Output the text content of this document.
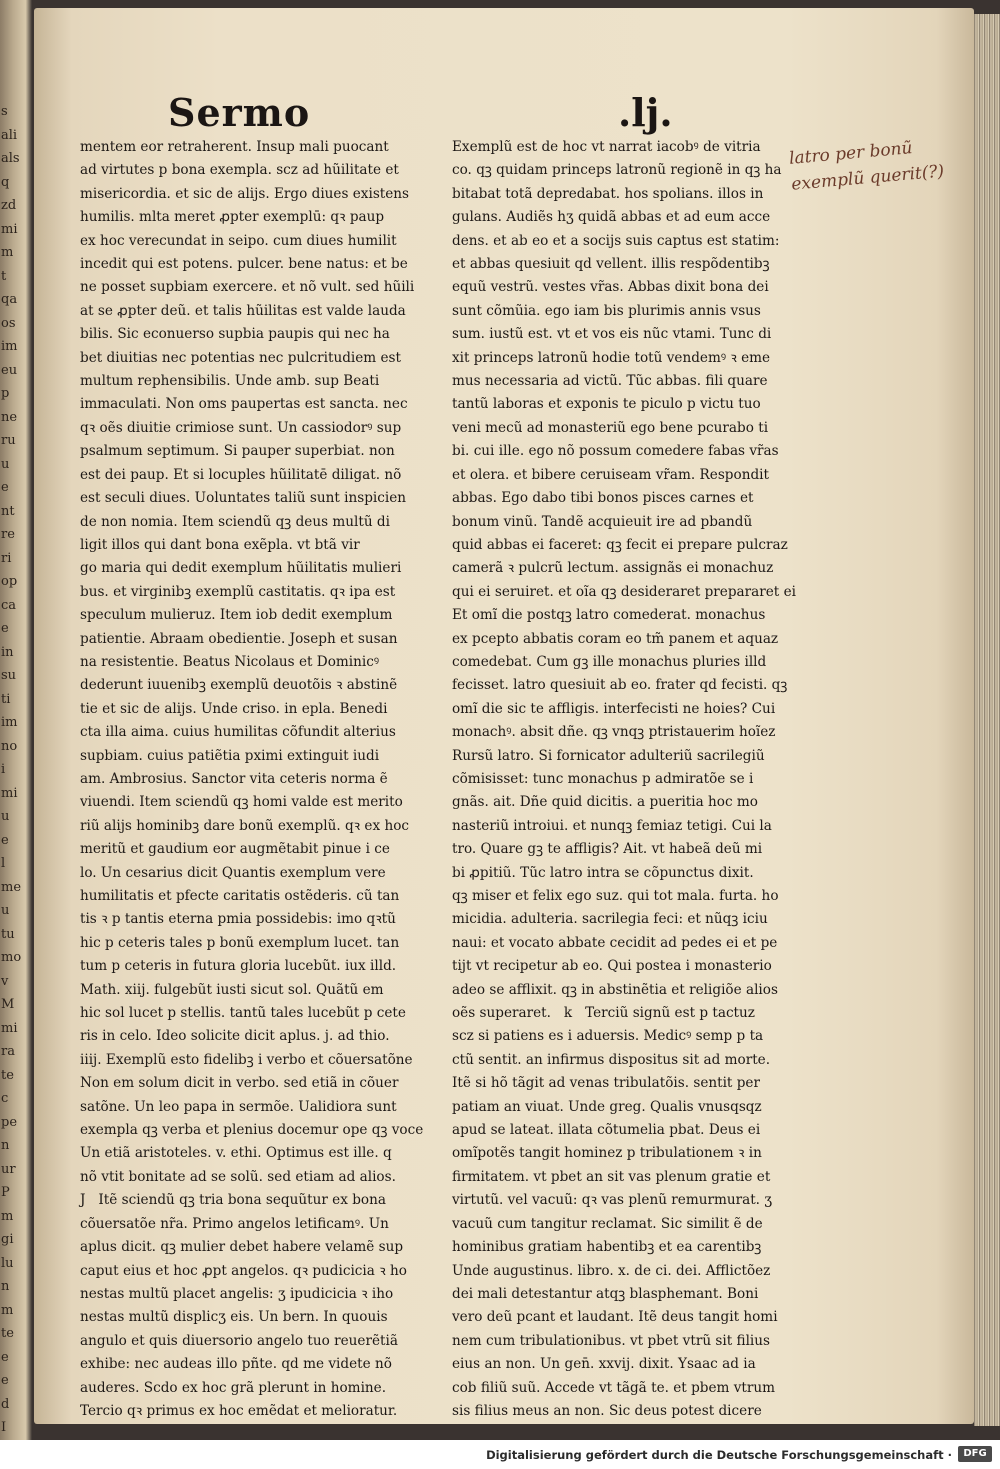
s
ali
als
q
zd
mi
m
t
qa
os
im
eu
p
ne
ru
u
e
nt
re
ri
op
ca
e
in
su
ti
im
no
i
mi
u
e
l
me
u
tu
mo
v
M
mi
ra
te
c
pe
n
ur
P
m
gi
lu
n
m
te
e
e
d
I

Sermo	.lj.
mentem eor retraherent. Insup mali puocant
ad virtutes p bona exempla. scz ad hũilitate et
misericordia. et sic de alijs. Ergo diues existens
humilis. mlta meret ꝓpter exemplū: qꝛ paup
ex hoc verecundat in seipo. cum diues humilit
incedit qui est potens. pulcer. bene natus: et be
ne posset supbiam exercere. et nõ vult. sed hũili
at se ꝓpter deũ. et talis hũilitas est valde lauda
bilis. Sic econuerso supbia paupis qui nec ha
bet diuitias nec potentias nec pulcritudiem est
multum rephensibilis. Unde amb. sup Beati
immaculati. Non oms paupertas est sancta. nec
qꝛ oẽs diuitie crimiose sunt. Un cassiodorꝰ sup
psalmum septimum. Si pauper superbiat. non
est dei paup. Et si locuples hũilitatē diligat. nõ
est seculi diues. Uoluntates taliũ sunt inspicien
de non nomia. Item sciendũ qꝫ deus multũ di
ligit illos qui dant bona exẽpla. vt btã vir
go maria qui dedit exemplum hũilitatis mulieri
bus. et virginibꝫ exemplũ castitatis. qꝛ ipa est
speculum mulieruz. Item iob dedit exemplum
patientie. Abraam obedientie. Joseph et susan
na resistentie. Beatus Nicolaus et Dominicꝰ
dederunt iuuenibꝫ exemplũ deuotõis ꝛ abstinẽ
tie et sic de alijs. Unde criso. in epla. Benedi
cta illa aima. cuius humilitas cõfundit alterius
supbiam. cuius patiẽtia pximi extinguit iudi
am. Ambrosius. Sanctor vita ceteris norma ẽ
viuendi. Item sciendũ qꝫ homi valde est merito
riũ alijs hominibꝫ dare bonũ exemplũ. qꝛ ex hoc
meritũ et gaudium eor augmẽtabit pinue i ce
lo. Un cesarius dicit Quantis exemplum vere
humilitatis et pfecte caritatis ostẽderis. cũ tan
tis ꝛ p tantis eterna pmia possidebis: imo qꝛtũ
hic p ceteris tales p bonũ exemplum lucet. tan
tum p ceteris in futura gloria lucebũt. iux illd.
Math. xiij. fulgebũt iusti sicut sol. Quãtũ em
hic sol lucet p stellis. tantũ tales lucebũt p cete
ris in celo. Ideo solicite dicit aplus. j. ad thio.
iiij. Exemplũ esto fidelibꝫ i verbo et cõuersatõne
Non em solum dicit in verbo. sed etiã in cõuer
satõne. Un leo papa in sermõe. Ualidiora sunt
exempla qꝫ verba et plenius docemur ope qꝫ voce
Un etiã aristoteles. v. ethi. Optimus est ille. q
nõ vtit bonitate ad se solũ. sed etiam ad alios.
J   Itẽ sciendũ qꝫ tria bona sequũtur ex bona
cõuersatõe nr̃a. Primo angelos letificamꝰ. Un
aplus dicit. qꝫ mulier debet habere velamẽ sup
caput eius et hoc ꝓpt angelos. qꝛ pudicicia ꝛ ho
nestas multũ placet angelis: ʒ ipudicicia ꝛ iho
nestas multũ displicʒ eis. Un bern. In quouis
angulo et quis diuersorio angelo tuo reuerẽtiã
exhibe: nec audeas illo pñte. qd me videte nõ
auderes. Scdo ex hoc grã plerunt in homine.
Tercio qꝛ primus ex hoc emẽdat et melioratur.
Exemplũ est de hoc vt narrat iacobꝰ de vitria
co. qꝫ quidam princeps latronũ regionẽ in qꝫ ha
bitabat totã depredabat. hos spolians. illos in
gulans. Audiẽs hʒ quidã abbas et ad eum acce
dens. et ab eo et a socijs suis captus est statim:
et abbas quesiuit qd vellent. illis respõdentibꝫ
equũ vestrũ. vestes vr̃as. Abbas dixit bona dei
sunt cõmũia. ego iam bis plurimis annis vsus
sum. iustũ est. vt et vos eis nũc vtami. Tunc di
xit princeps latronũ hodie totũ vendemꝰ ꝛ eme
mus necessaria ad victũ. Tũc abbas. fili quare
tantũ laboras et exponis te piculo p victu tuo
veni mecũ ad monasteriũ ego bene pcurabo ti
bi. cui ille. ego nõ possum comedere fabas vr̃as
et olera. et bibere ceruiseam vr̃am. Respondit
abbas. Ego dabo tibi bonos pisces carnes et
bonum vinũ. Tandẽ acquieuit ire ad pbandũ
quid abbas ei faceret: qꝫ fecit ei prepare pulcraz
camerã ꝛ pulcrũ lectum. assignãs ei monachuz
qui ei seruiret. et oĩa qꝫ desideraret prepararet ei
Et omĩ die postqꝫ latro comederat. monachus
ex pcepto abbatis coram eo tm̃ panem et aquaz
comedebat. Cum gꝫ ille monachus pluries illd
fecisset. latro quesiuit ab eo. frater qd fecisti. qꝫ
omĩ die sic te affligis. interfecisti ne hoies? Cui
monachꝰ. absit dñe. qꝫ vnqꝫ ptristauerim hoĩez
Rursũ latro. Si fornicator adulteriũ sacrilegiũ
cõmisisset: tunc monachus p admiratõe se i
gnãs. ait. Dñe quid dicitis. a pueritia hoc mo
nasteriũ introiui. et nunqꝫ femiaz tetigi. Cui la
tro. Quare gꝫ te affligis? Ait. vt habeã deũ mi
bi ꝓpitiũ. Tũc latro intra se cõpunctus dixit.
qꝫ miser et felix ego suz. qui tot mala. furta. ho
micidia. adulteria. sacrilegia feci: et nũqꝫ iciu
naui: et vocato abbate cecidit ad pedes ei et pe
tijt vt recipetur ab eo. Qui postea i monasterio
adeo se afflixit. qꝫ in abstinẽtia et religiõe alios
oẽs superaret.   k   Terciũ signũ est p tactuz
scz si patiens es i aduersis. Medicꝰ semp p ta
ctũ sentit. an infirmus dispositus sit ad morte.
Itẽ si hõ tãgit ad venas tribulatõis. sentit per
patiam an viuat. Unde greg. Qualis vnusqsqz
apud se lateat. illata cõtumelia pbat. Deus ei
omĩpotẽs tangit hominez p tribulationem ꝛ in
firmitatem. vt pbet an sit vas plenum gratie et
virtutũ. vel vacuũ: qꝛ vas plenũ remurmurat. ʒ
vacuũ cum tangitur reclamat. Sic similit ẽ de
hominibus gratiam habentibꝫ et ea carentibꝫ
Unde augustinus. libro. x. de ci. dei. Afflictõez
dei mali detestantur atqꝫ blasphemant. Boni
vero deũ pcant et laudant. Itẽ deus tangit homi
nem cum tribulationibus. vt pbet vtrũ sit filius
eius an non. Un gen̄. xxvij. dixit. Ysaac ad ia
cob filiũ suũ. Accede vt tãgã te. et pbem vtrum
sis filius meus an non. Sic deus potest dicere
latro per bonũ
exemplũ querit(?)
Digitalisierung gefördert durch die Deutsche Forschungsgemeinschaft ·	DFG
